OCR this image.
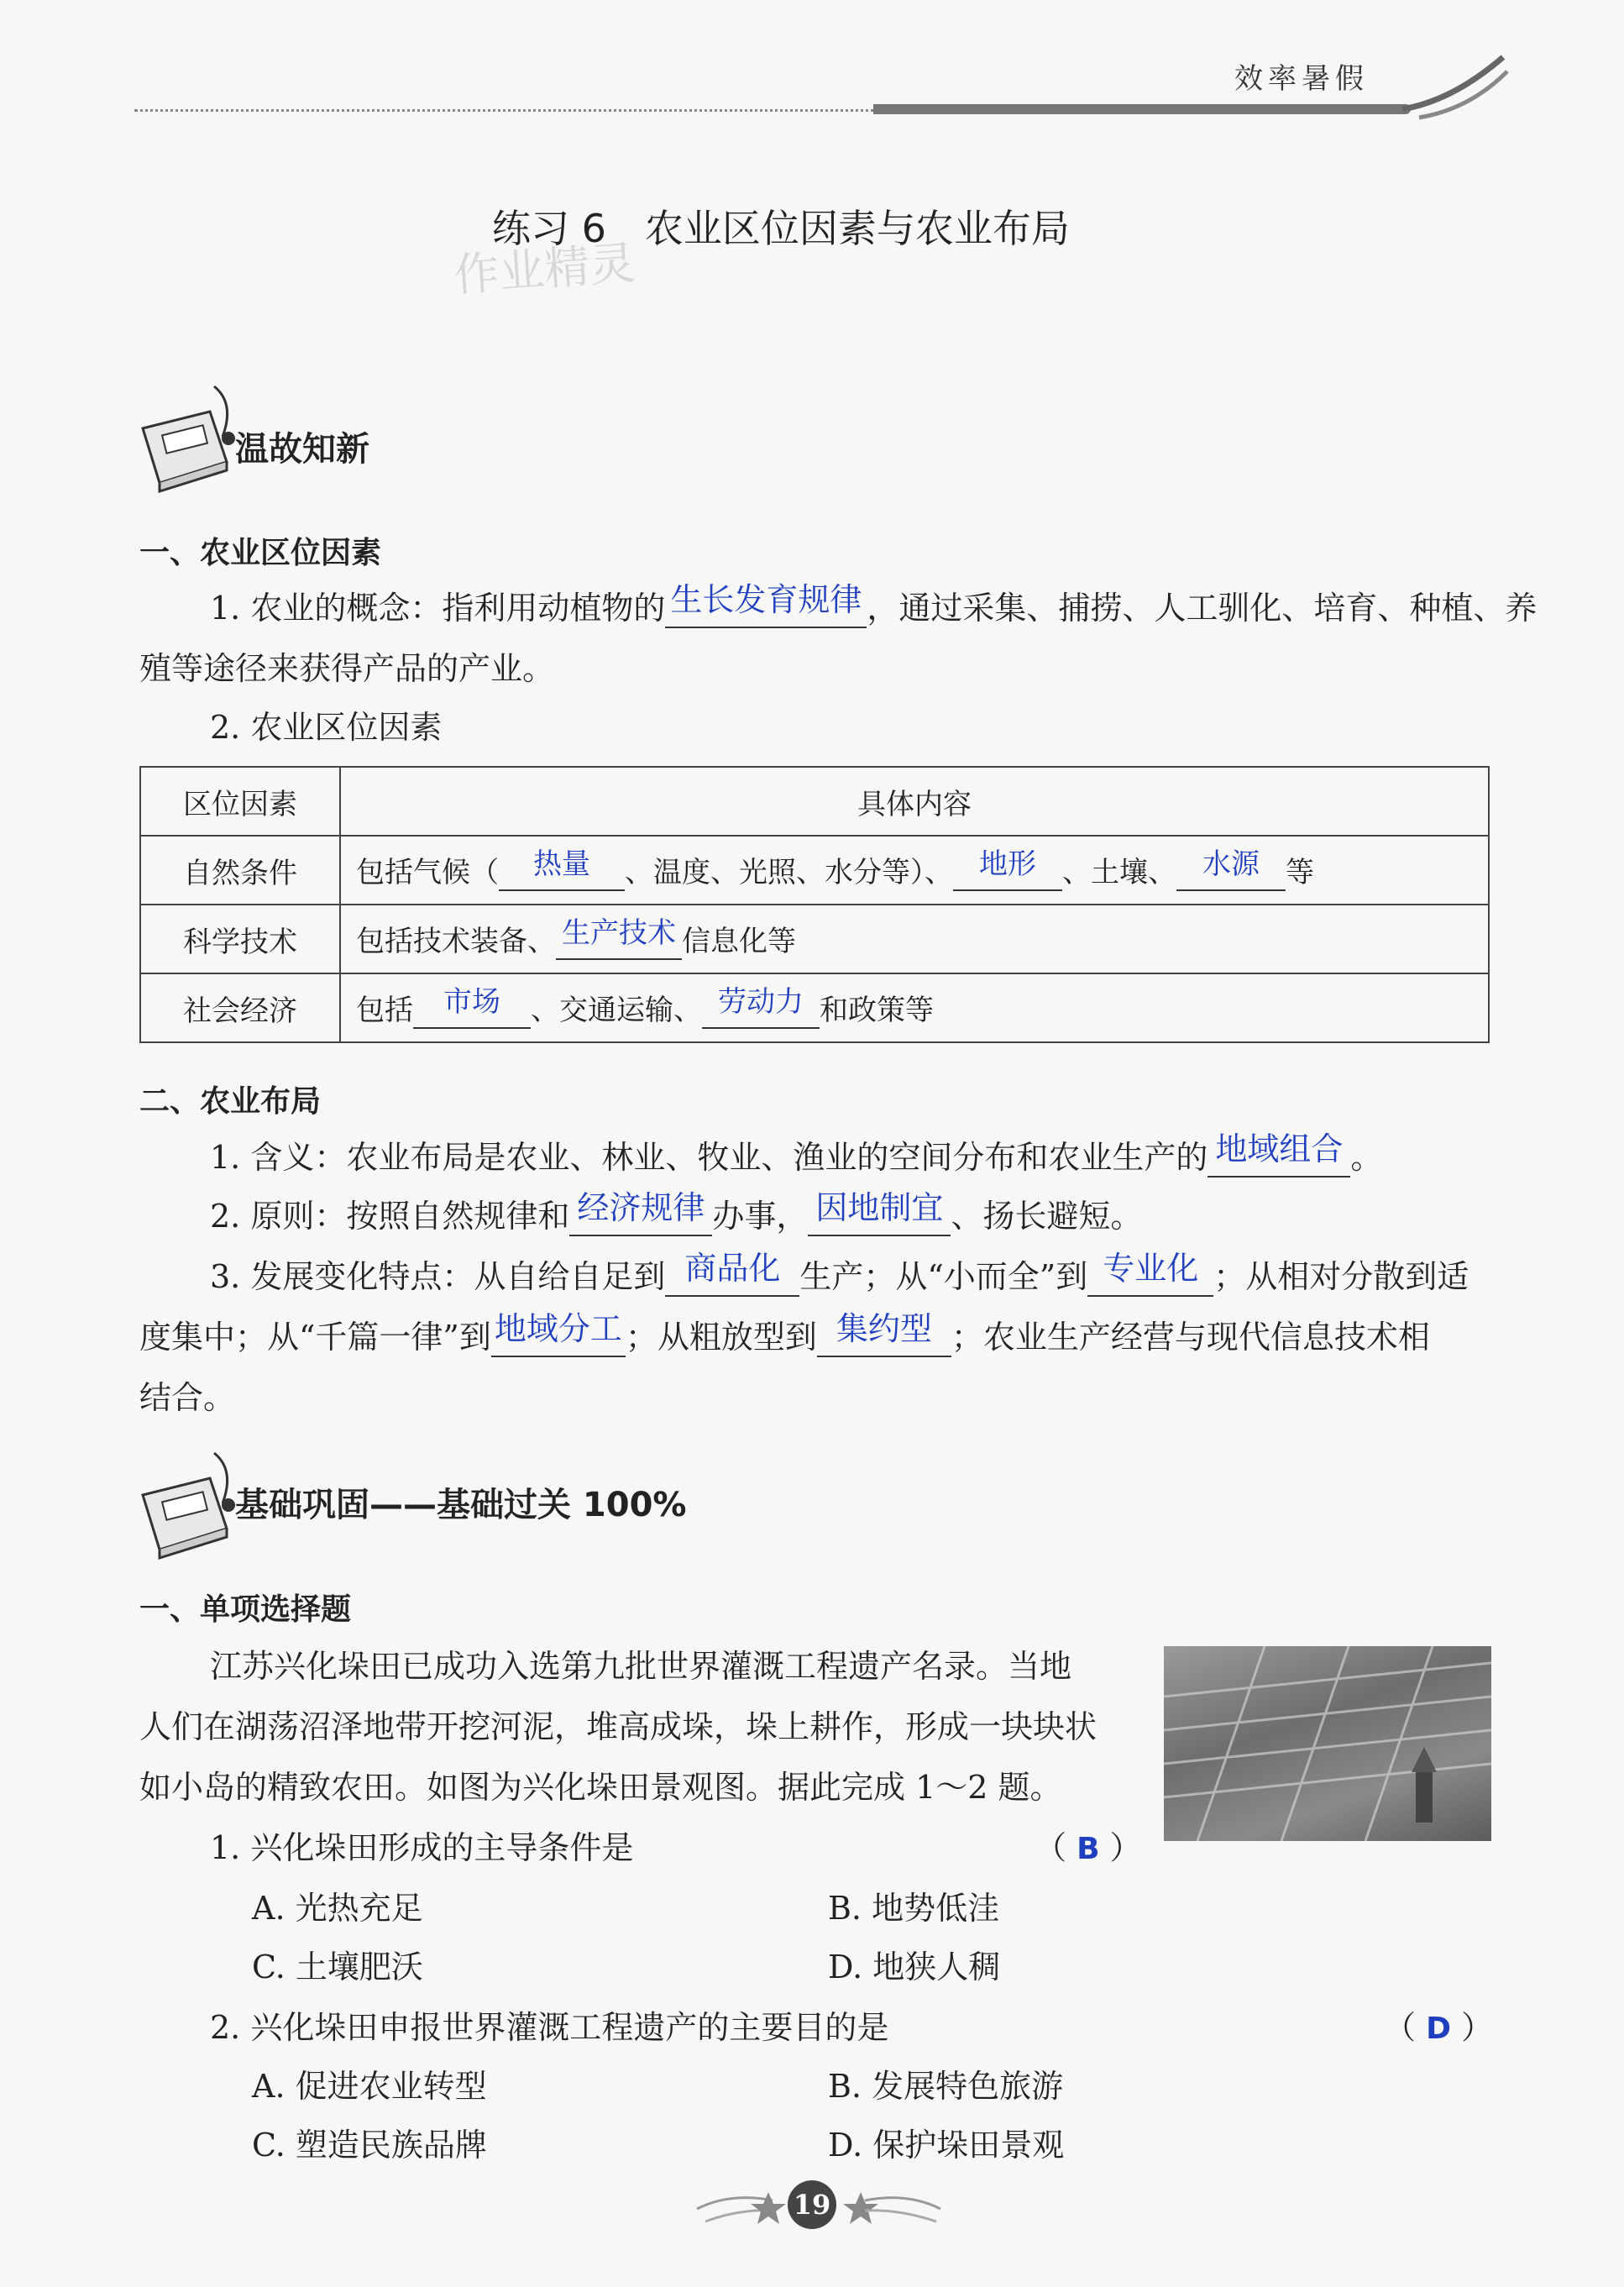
效率暑假
练习 6　农业区位因素与农业布局
作业精灵
温故知新
一、农业区位因素
1. 农业的概念：指利用动植物的 生长发育规律 ，通过采集、捕捞、人工驯化、培育、种植、养
殖等途径来获得产品的产业。
2. 农业区位因素
区位因素	具体内容
自然条件	包括气候（ 热量 、温度、光照、水分等）、 地形 、土壤、 水源 等
科学技术	包括技术装备、 生产技术 信息化等
社会经济	包括 市场 、交通运输、 劳动力 和政策等
二、农业布局
1. 含义：农业布局是农业、林业、牧业、渔业的空间分布和农业生产的 地域组合 。
2. 原则：按照自然规律和 经济规律 办事， 因地制宜 、扬长避短。
3. 发展变化特点：从自给自足到 商品化 生产；从“小而全”到 专业化 ；从相对分散到适
度集中；从“千篇一律”到 地域分工 ；从粗放型到 集约型 ；农业生产经营与现代信息技术相
结合。
基础巩固——基础过关 100%
一、单项选择题
江苏兴化垛田已成功入选第九批世界灌溉工程遗产名录。当地
人们在湖荡沼泽地带开挖河泥，堆高成垛，垛上耕作，形成一块块状
如小岛的精致农田。如图为兴化垛田景观图。据此完成 1～2 题。
1. 兴化垛田形成的主导条件是	（ B ）
A. 光热充足	B. 地势低洼
C. 土壤肥沃	D. 地狭人稠
2. 兴化垛田申报世界灌溉工程遗产的主要目的是	（ D ）
A. 促进农业转型	B. 发展特色旅游
C. 塑造民族品牌	D. 保护垛田景观
19
